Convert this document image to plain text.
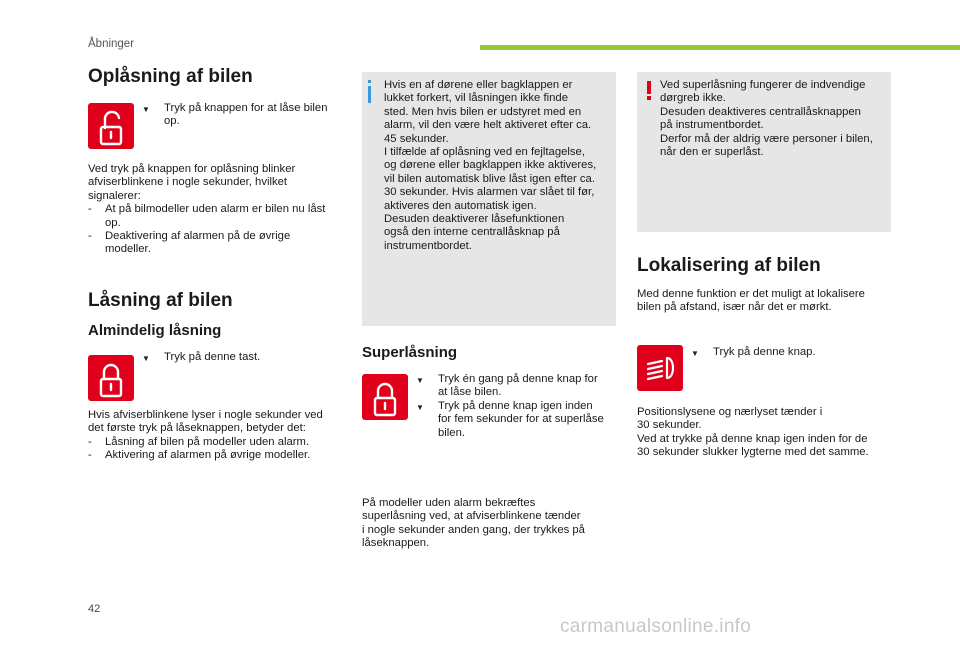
Åbninger
Oplåsning af bilen
▼ Tryk på knappen for at låse bilen
op.
Ved tryk på knappen for oplåsning blinker
afviserblinkene i nogle sekunder, hvilket
signalerer:
- At på bilmodeller uden alarm er bilen nu låst
op.
- Deaktivering af alarmen på de øvrige
modeller.
Låsning af bilen
Almindelig låsning
▼ Tryk på denne tast.
Hvis afviserblinkene lyser i nogle sekunder ved
det første tryk på låseknappen, betyder det:
- Låsning af bilen på modeller uden alarm.
- Aktivering af alarmen på øvrige modeller.
Hvis en af dørene eller bagklappen er
lukket forkert, vil låsningen ikke finde
sted. Men hvis bilen er udstyret med en
alarm, vil den være helt aktiveret efter ca.
45 sekunder.
I tilfælde af oplåsning ved en fejltagelse,
og dørene eller bagklappen ikke aktiveres,
vil bilen automatisk blive låst igen efter ca.
30 sekunder. Hvis alarmen var slået til før,
aktiveres den automatisk igen.
Desuden deaktiverer låsefunktionen
også den interne centrallåsknap på
instrumentbordet.
Superlåsning
▼ Tryk én gang på denne knap for
at låse bilen.
▼ Tryk på denne knap igen inden
for fem sekunder for at superlåse
bilen.
På modeller uden alarm bekræftes
superlåsning ved, at afviserblinkene tænder
i nogle sekunder anden gang, der trykkes på
låseknappen.
Ved superlåsning fungerer de indvendige
dørgreb ikke.
Desuden deaktiveres centrallåsknappen
på instrumentbordet.
Derfor må der aldrig være personer i bilen,
når den er superlåst.
Lokalisering af bilen
Med denne funktion er det muligt at lokalisere
bilen på afstand, især når det er mørkt.
▼ Tryk på denne knap.
Positionslysene og nærlyset tænder i
30 sekunder.
Ved at trykke på denne knap igen inden for de
30 sekunder slukker lygterne med det samme.
42
carmanualsonline.info
